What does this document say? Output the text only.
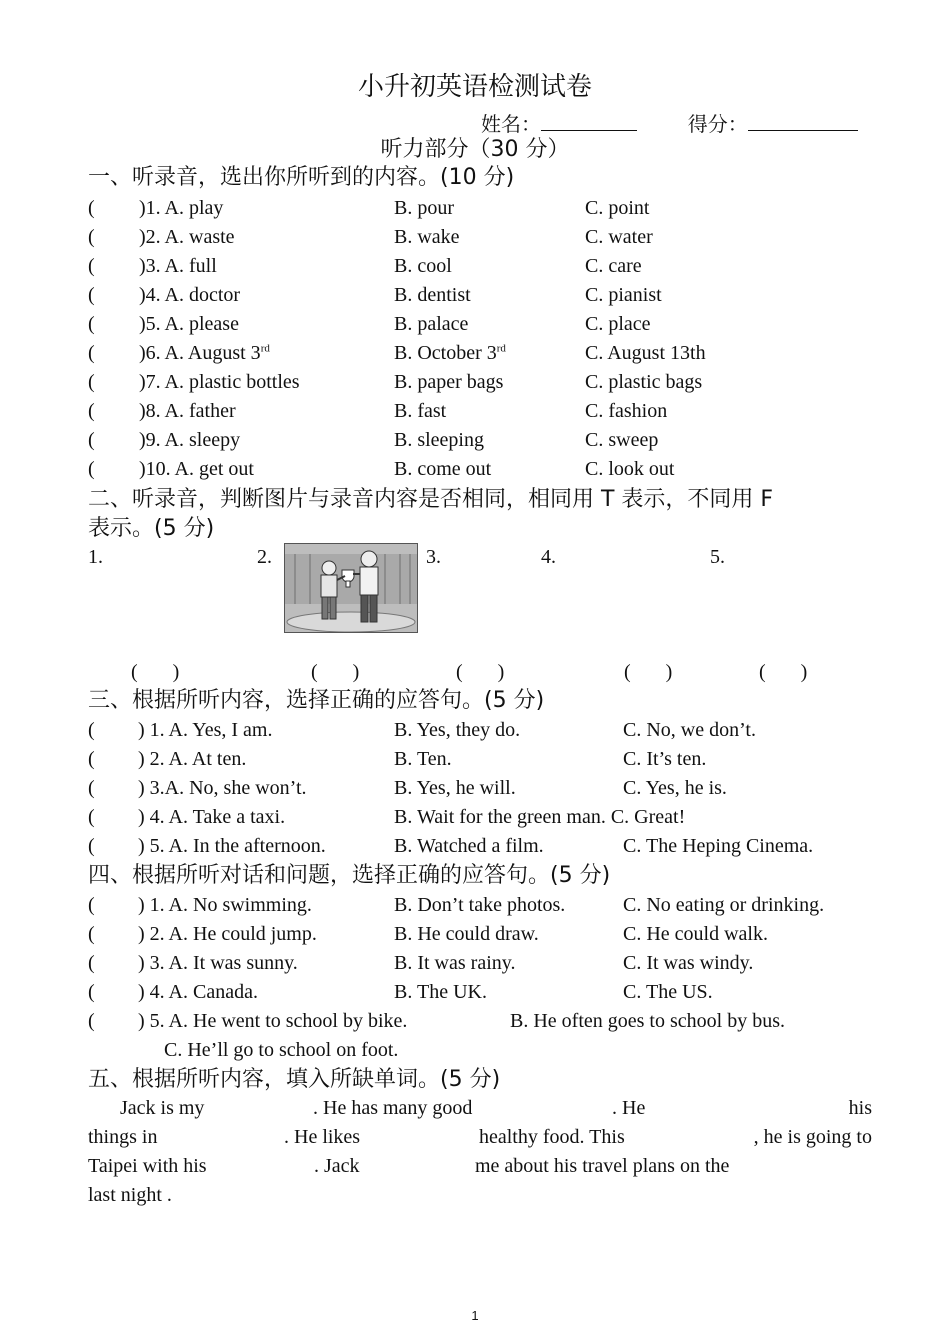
小升初英语检测试卷
姓名：	得分：
听力部分（30 分）
一、听录音，选出你所听到的内容。(10 分)
( )1. A. play	B. pour	C. point
( )2. A. waste	B. wake	C. water
( )3. A. full	B. cool	C. care
( )4. A. doctor	B. dentist	C. pianist
( )5. A. please	B. palace	C. place
( )6. A. August 3rd	B. October 3rd	C. August 13th
( )7. A. plastic bottles	B. paper bags	C. plastic bags
( )8. A. father	B. fast	C. fashion
( )9. A. sleepy	B. sleeping	C. sweep
( )10. A. get out	B. come out	C. look out
二、听录音，判断图片与录音内容是否相同，相同用 T 表示，不同用 F
表示。(5 分)
1.	2.	3.	4.	5.
(       )	(       )	(       )	(       )	(       )
三、根据所听内容，选择正确的应答句。(5 分)
( ) 1. A. Yes, I am.	B. Yes, they do.	C. No, we don’t.
( ) 2. A. At ten.	B. Ten.	C. It’s ten.
( ) 3.A. No, she won’t.	B. Yes, he will.	C. Yes, he is.
( ) 4. A. Take a taxi.	B. Wait for the green man. C. Great!
( ) 5. A. In the afternoon.	B. Watched a film.	C. The Heping Cinema.
四、根据所听对话和问题，选择正确的应答句。(5 分)
( ) 1. A. No swimming.	B. Don’t take photos.	C. No eating or drinking.
( ) 2. A. He could jump.	B. He could draw.	C. He could walk.
( ) 3. A. It was sunny.	B. It was rainy.	C. It was windy.
( ) 4. A. Canada.	B. The UK.	C. The US.
( ) 5. A. He went to school by bike.	B. He often goes to school by bus.
C. He’ll go to school on foot.
五、根据所听内容，填入所缺单词。(5 分)
Jack is my	. He has many good	. He	his
things in	. He likes	healthy food. This	, he is going to
Taipei with his	. Jack	me about his travel plans on the
last night .
1
